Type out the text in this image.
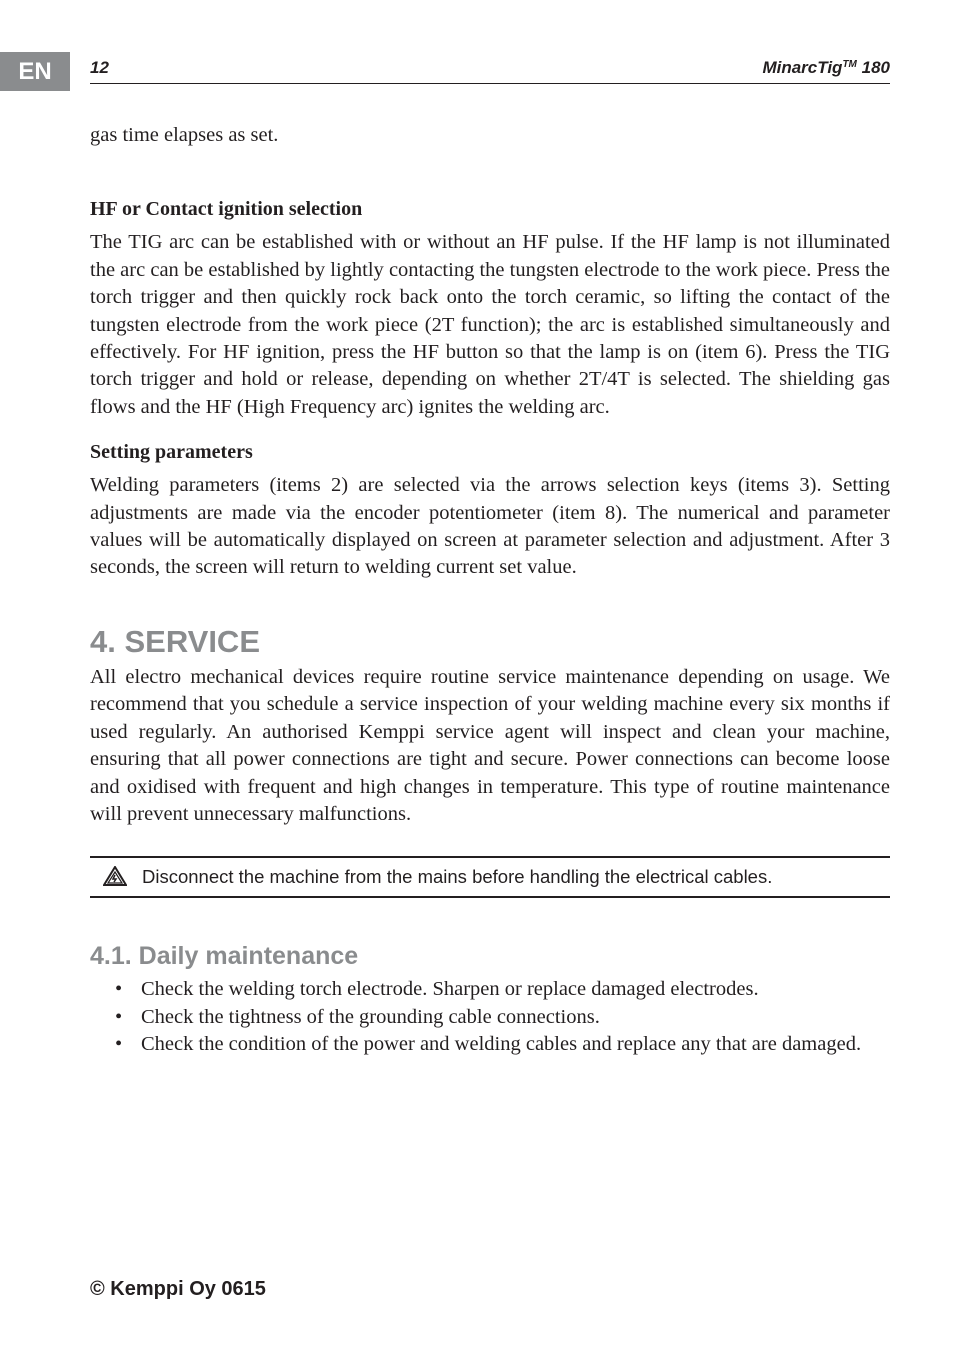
EN	12	MinarcTig™ 180

gas time elapses as set.

HF or Contact ignition selection

The TIG arc can be established with or without an HF pulse. If the HF lamp is not illuminated the arc can be established by lightly contacting the tungsten electrode to the work piece. Press the torch trigger and then quickly rock back onto the torch ceramic, so lifting the contact of the tungsten electrode from the work piece (2T function); the arc is established simultaneously and effectively. For HF ignition, press the HF button so that the lamp is on (item 6). Press the TIG torch trigger and hold or release, depending on whether 2T/4T is selected. The shielding gas flows and the HF (High Frequency arc) ignites the welding arc.

Setting parameters

Welding parameters (items 2) are selected via the arrows selection keys (items 3). Setting adjustments are made via the encoder potentiometer (item 8). The numerical and parameter values will be automatically displayed on screen at parameter selection and adjustment. After 3 seconds, the screen will return to welding current set value.

4. SERVICE

All electro mechanical devices require routine service maintenance depending on usage. We recommend that you schedule a service inspection of your welding machine every six months if used regularly. An authorised Kemppi service agent will inspect and clean your machine, ensuring that all power connections are tight and secure. Power connections can become loose and oxidised with frequent and high changes in temperature. This type of routine maintenance will prevent unnecessary malfunctions.

Disconnect the machine from the mains before handling the electrical cables.
4.1. Daily maintenance
• Check the welding torch electrode. Sharpen or replace damaged electrodes.
• Check the tightness of the grounding cable connections.
• Check the condition of the power and welding cables and replace any that are damaged.
© Kemppi Oy 0615
